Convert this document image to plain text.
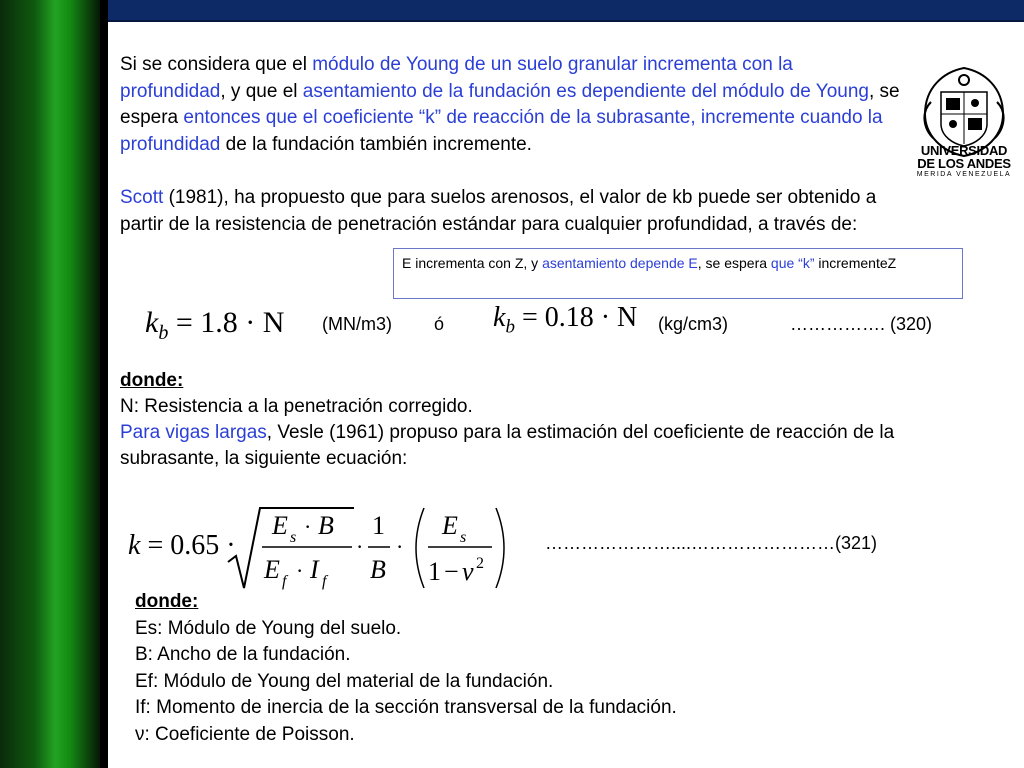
Si se considera que el módulo de Young de un suelo granular incrementa con la profundidad, y que el asentamiento de la fundación es dependiente del módulo de Young, se espera entonces que el coeficiente “k” de reacción de la subrasante, incremente cuando la profundidad de la fundación también incremente.
Scott (1981), ha propuesto que para suelos arenosos, el valor de kb puede ser obtenido a partir de la resistencia de penetración estándar para cualquier profundidad, a través de:
E incrementa con Z, y asentamiento depende E, se espera que “k” incrementeZ
$k_b = 1.8 \cdot N$ (MN/m3) ó $k_b = 0.18 \cdot N$ (kg/cm3)	……………. (320)
donde:
N: Resistencia a la penetración corregido.
Para vigas largas, Vesle (1961) propuso para la estimación del coeficiente de reacción de la subrasante, la siguiente ecuación:
k = 0.65 ·
E s · B
E f · I f
·
1
B
·
E s
1 − ν 2
…………………....……………………(321)
donde:
Es: Módulo de Young del suelo.
B: Ancho de la fundación.
Ef: Módulo de Young del material de la fundación.
If: Momento de inercia de la sección transversal de la fundación.
ν: Coeficiente de Poisson.
UNIVERSIDAD
DE LOS ANDES
MERIDA VENEZUELA
